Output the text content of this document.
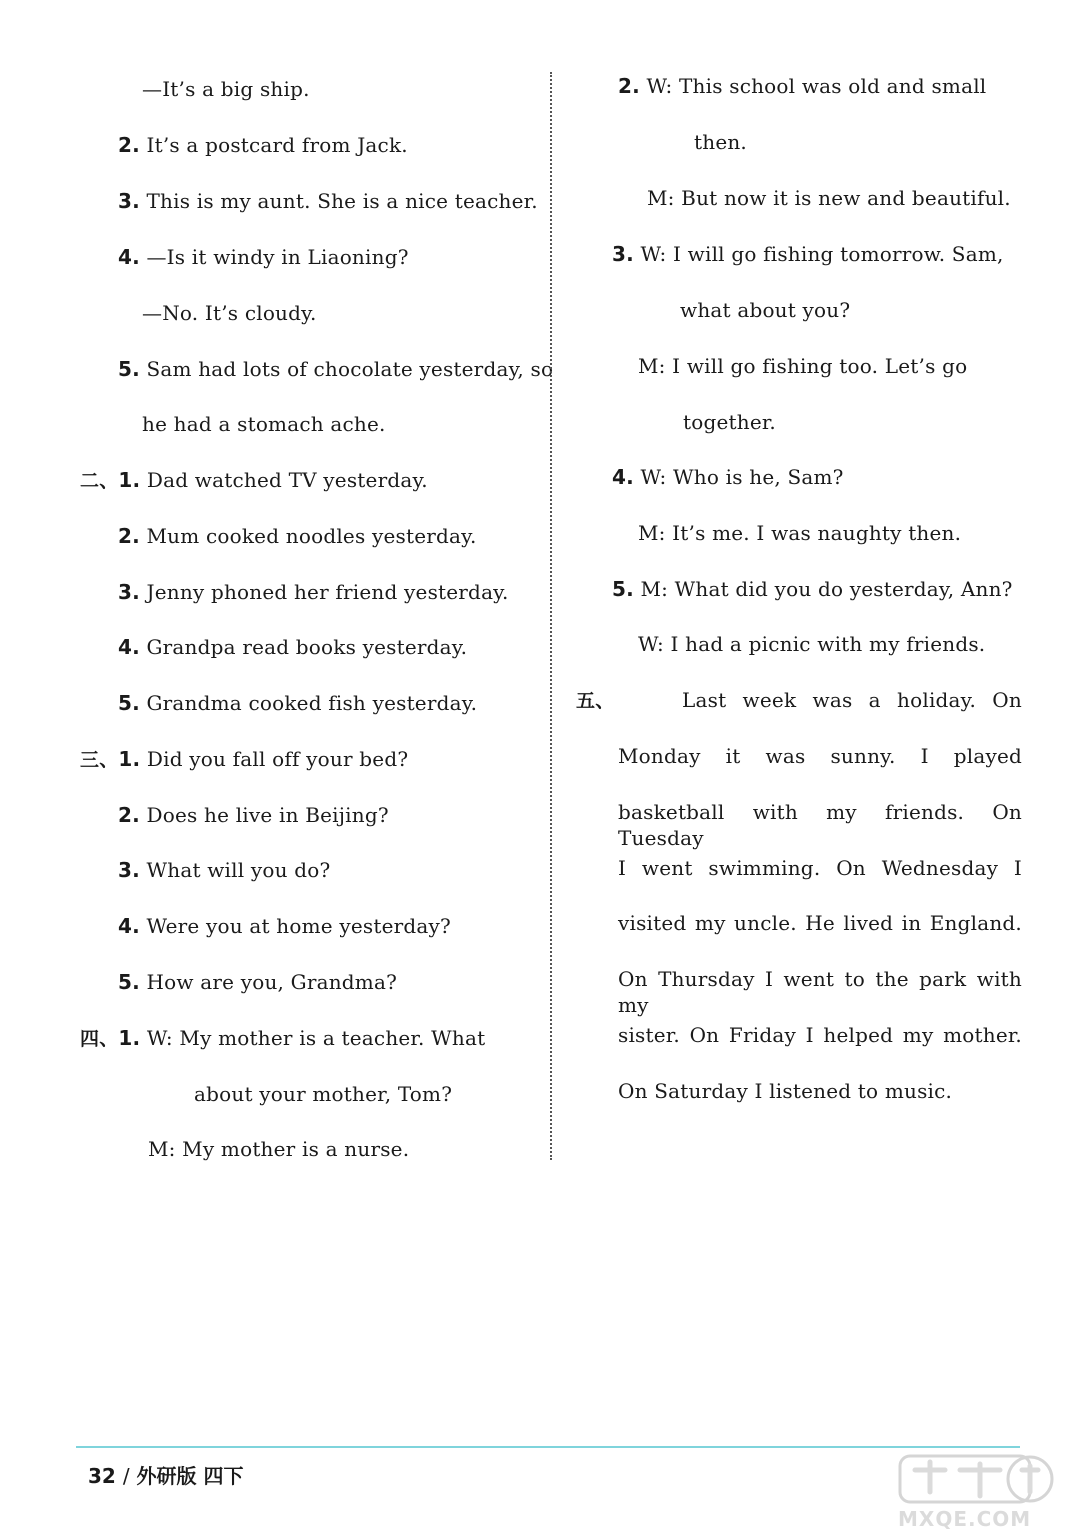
—It’s a big ship.
2. It’s a postcard from Jack.
3. This is my aunt. She is a nice teacher.
4. —Is it windy in Liaoning?
—No. It’s cloudy.
5. Sam had lots of chocolate yesterday, so
he had a stomach ache.
二、1. Dad watched TV yesterday.
2. Mum cooked noodles yesterday.
3. Jenny phoned her friend yesterday.
4. Grandpa read books yesterday.
5. Grandma cooked fish yesterday.
三、1. Did you fall off your bed?
2. Does he live in Beijing?
3. What will you do?
4. Were you at home yesterday?
5. How are you, Grandma?
四、1. W: My mother is a teacher. What
about your mother, Tom?
M: My mother is a nurse.
2. W: This school was old and small
then.
M: But now it is new and beautiful.
3. W: I will go fishing tomorrow. Sam,
what about you?
M: I will go fishing too. Let’s go
together.
4. W: Who is he, Sam?
M: It’s me. I was naughty then.
5. M: What did you do yesterday, Ann?
W: I had a picnic with my friends.
五、	Last week was a holiday. On
Monday it was sunny. I played
basketball with my friends. On Tuesday
I went swimming. On Wednesday I
visited my uncle. He lived in England.
On Thursday I went to the park with my
sister. On Friday I helped my mother.
On Saturday I listened to music.
32 / 外研版 四下
MXQE.COM
